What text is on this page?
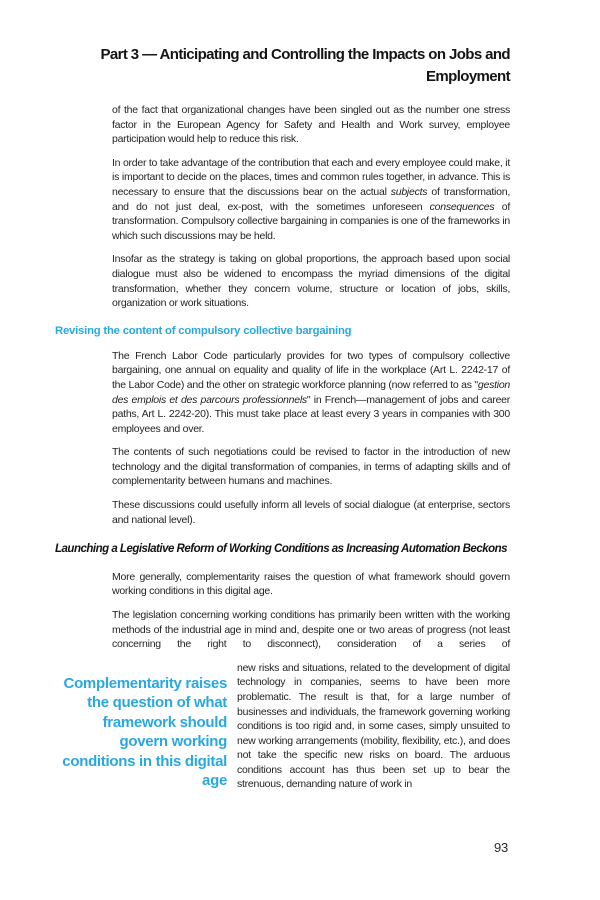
Part 3 — Anticipating and Controlling the Impacts on Jobs and Employment

of the fact that organizational changes have been singled out as the number one stress factor in the European Agency for Safety and Health and Work survey, employee participation would help to reduce this risk.

In order to take advantage of the contribution that each and every employee could make, it is important to decide on the places, times and common rules together, in advance. This is necessary to ensure that the discussions bear on the actual subjects of transformation, and do not just deal, ex-post, with the sometimes unforeseen consequences of transformation. Compulsory collective bargaining in companies is one of the frameworks in which such discussions may be held.

Insofar as the strategy is taking on global proportions, the approach based upon social dialogue must also be widened to encompass the myriad dimensions of the digital transformation, whether they concern volume, structure or location of jobs, skills, organization or work situations.

Revising the content of compulsory collective bargaining

The French Labor Code particularly provides for two types of compulsory collective bargaining, one annual on equality and quality of life in the workplace (Art L. 2242-17 of the Labor Code) and the other on strategic workforce planning (now referred to as "gestion des emplois et des parcours professionnels" in French—management of jobs and career paths, Art L. 2242-20). This must take place at least every 3 years in companies with 300 employees and over.

The contents of such negotiations could be revised to factor in the introduction of new technology and the digital transformation of companies, in terms of adapting skills and of complementarity between humans and machines.

These discussions could usefully inform all levels of social dialogue (at enterprise, sectors and national level).

Launching a Legislative Reform of Working Conditions as Increasing Automation Beckons

More generally, complementarity raises the question of what framework should govern working conditions in this digital age.

The legislation concerning working conditions has primarily been written with the working methods of the industrial age in mind and, despite one or two areas of progress (not least concerning the right to disconnect), consideration of a series of

Complementarity raises the question of what framework should govern working conditions in this digital age

new risks and situations, related to the development of digital technology in companies, seems to have been more problematic. The result is that, for a large number of businesses and individuals, the framework governing working conditions is too rigid and, in some cases, simply unsuited to new working arrangements (mobility, flexibility, etc.), and does not take the specific new risks on board. The arduous conditions account has thus been set up to bear the strenuous, demanding nature of work in

93
